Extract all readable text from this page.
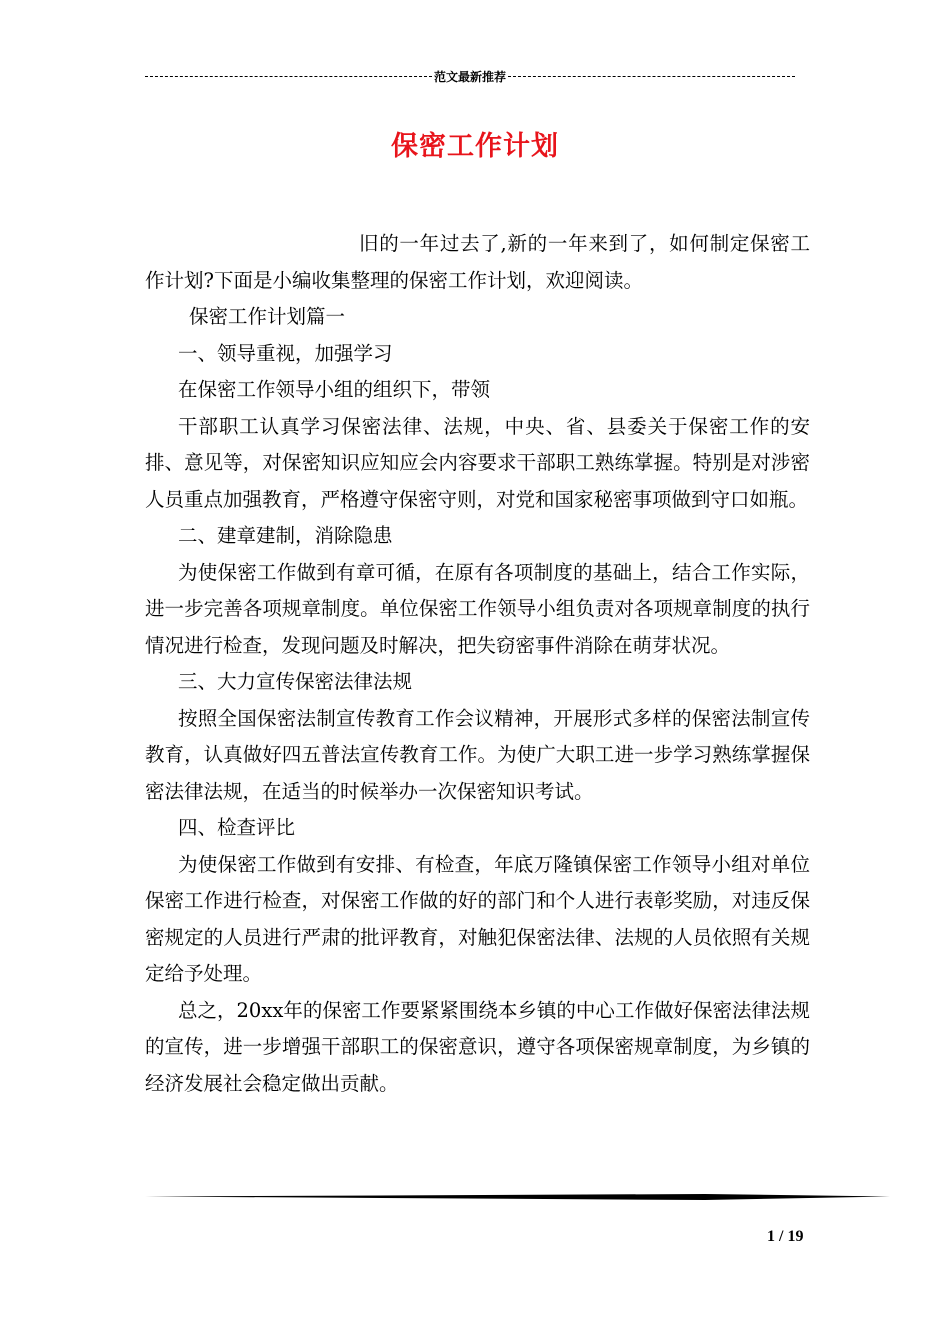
范文最新推荐
保密工作计划

旧的一年过去了,新的一年来到了，如何制定保密工作计划?下面是小编收集整理的保密工作计划，欢迎阅读。

保密工作计划篇一

一、领导重视，加强学习

在保密工作领导小组的组织下，带领

干部职工认真学习保密法律、法规，中央、省、县委关于保密工作的安排、意见等，对保密知识应知应会内容要求干部职工熟练掌握。特别是对涉密人员重点加强教育，严格遵守保密守则，对党和国家秘密事项做到守口如瓶。

二、建章建制，消除隐患

为使保密工作做到有章可循，在原有各项制度的基础上，结合工作实际，进一步完善各项规章制度。单位保密工作领导小组负责对各项规章制度的执行情况进行检查，发现问题及时解决，把失窃密事件消除在萌芽状况。

三、大力宣传保密法律法规

按照全国保密法制宣传教育工作会议精神，开展形式多样的保密法制宣传教育，认真做好四五普法宣传教育工作。为使广大职工进一步学习熟练掌握保密法律法规，在适当的时候举办一次保密知识考试。

四、检查评比

为使保密工作做到有安排、有检查，年底万隆镇保密工作领导小组对单位保密工作进行检查，对保密工作做的好的部门和个人进行表彰奖励，对违反保密规定的人员进行严肃的批评教育，对触犯保密法律、法规的人员依照有关规定给予处理。

总之，20xx年的保密工作要紧紧围绕本乡镇的中心工作做好保密法律法规的宣传，进一步增强干部职工的保密意识，遵守各项保密规章制度，为乡镇的经济发展社会稳定做出贡献。

1 / 19
